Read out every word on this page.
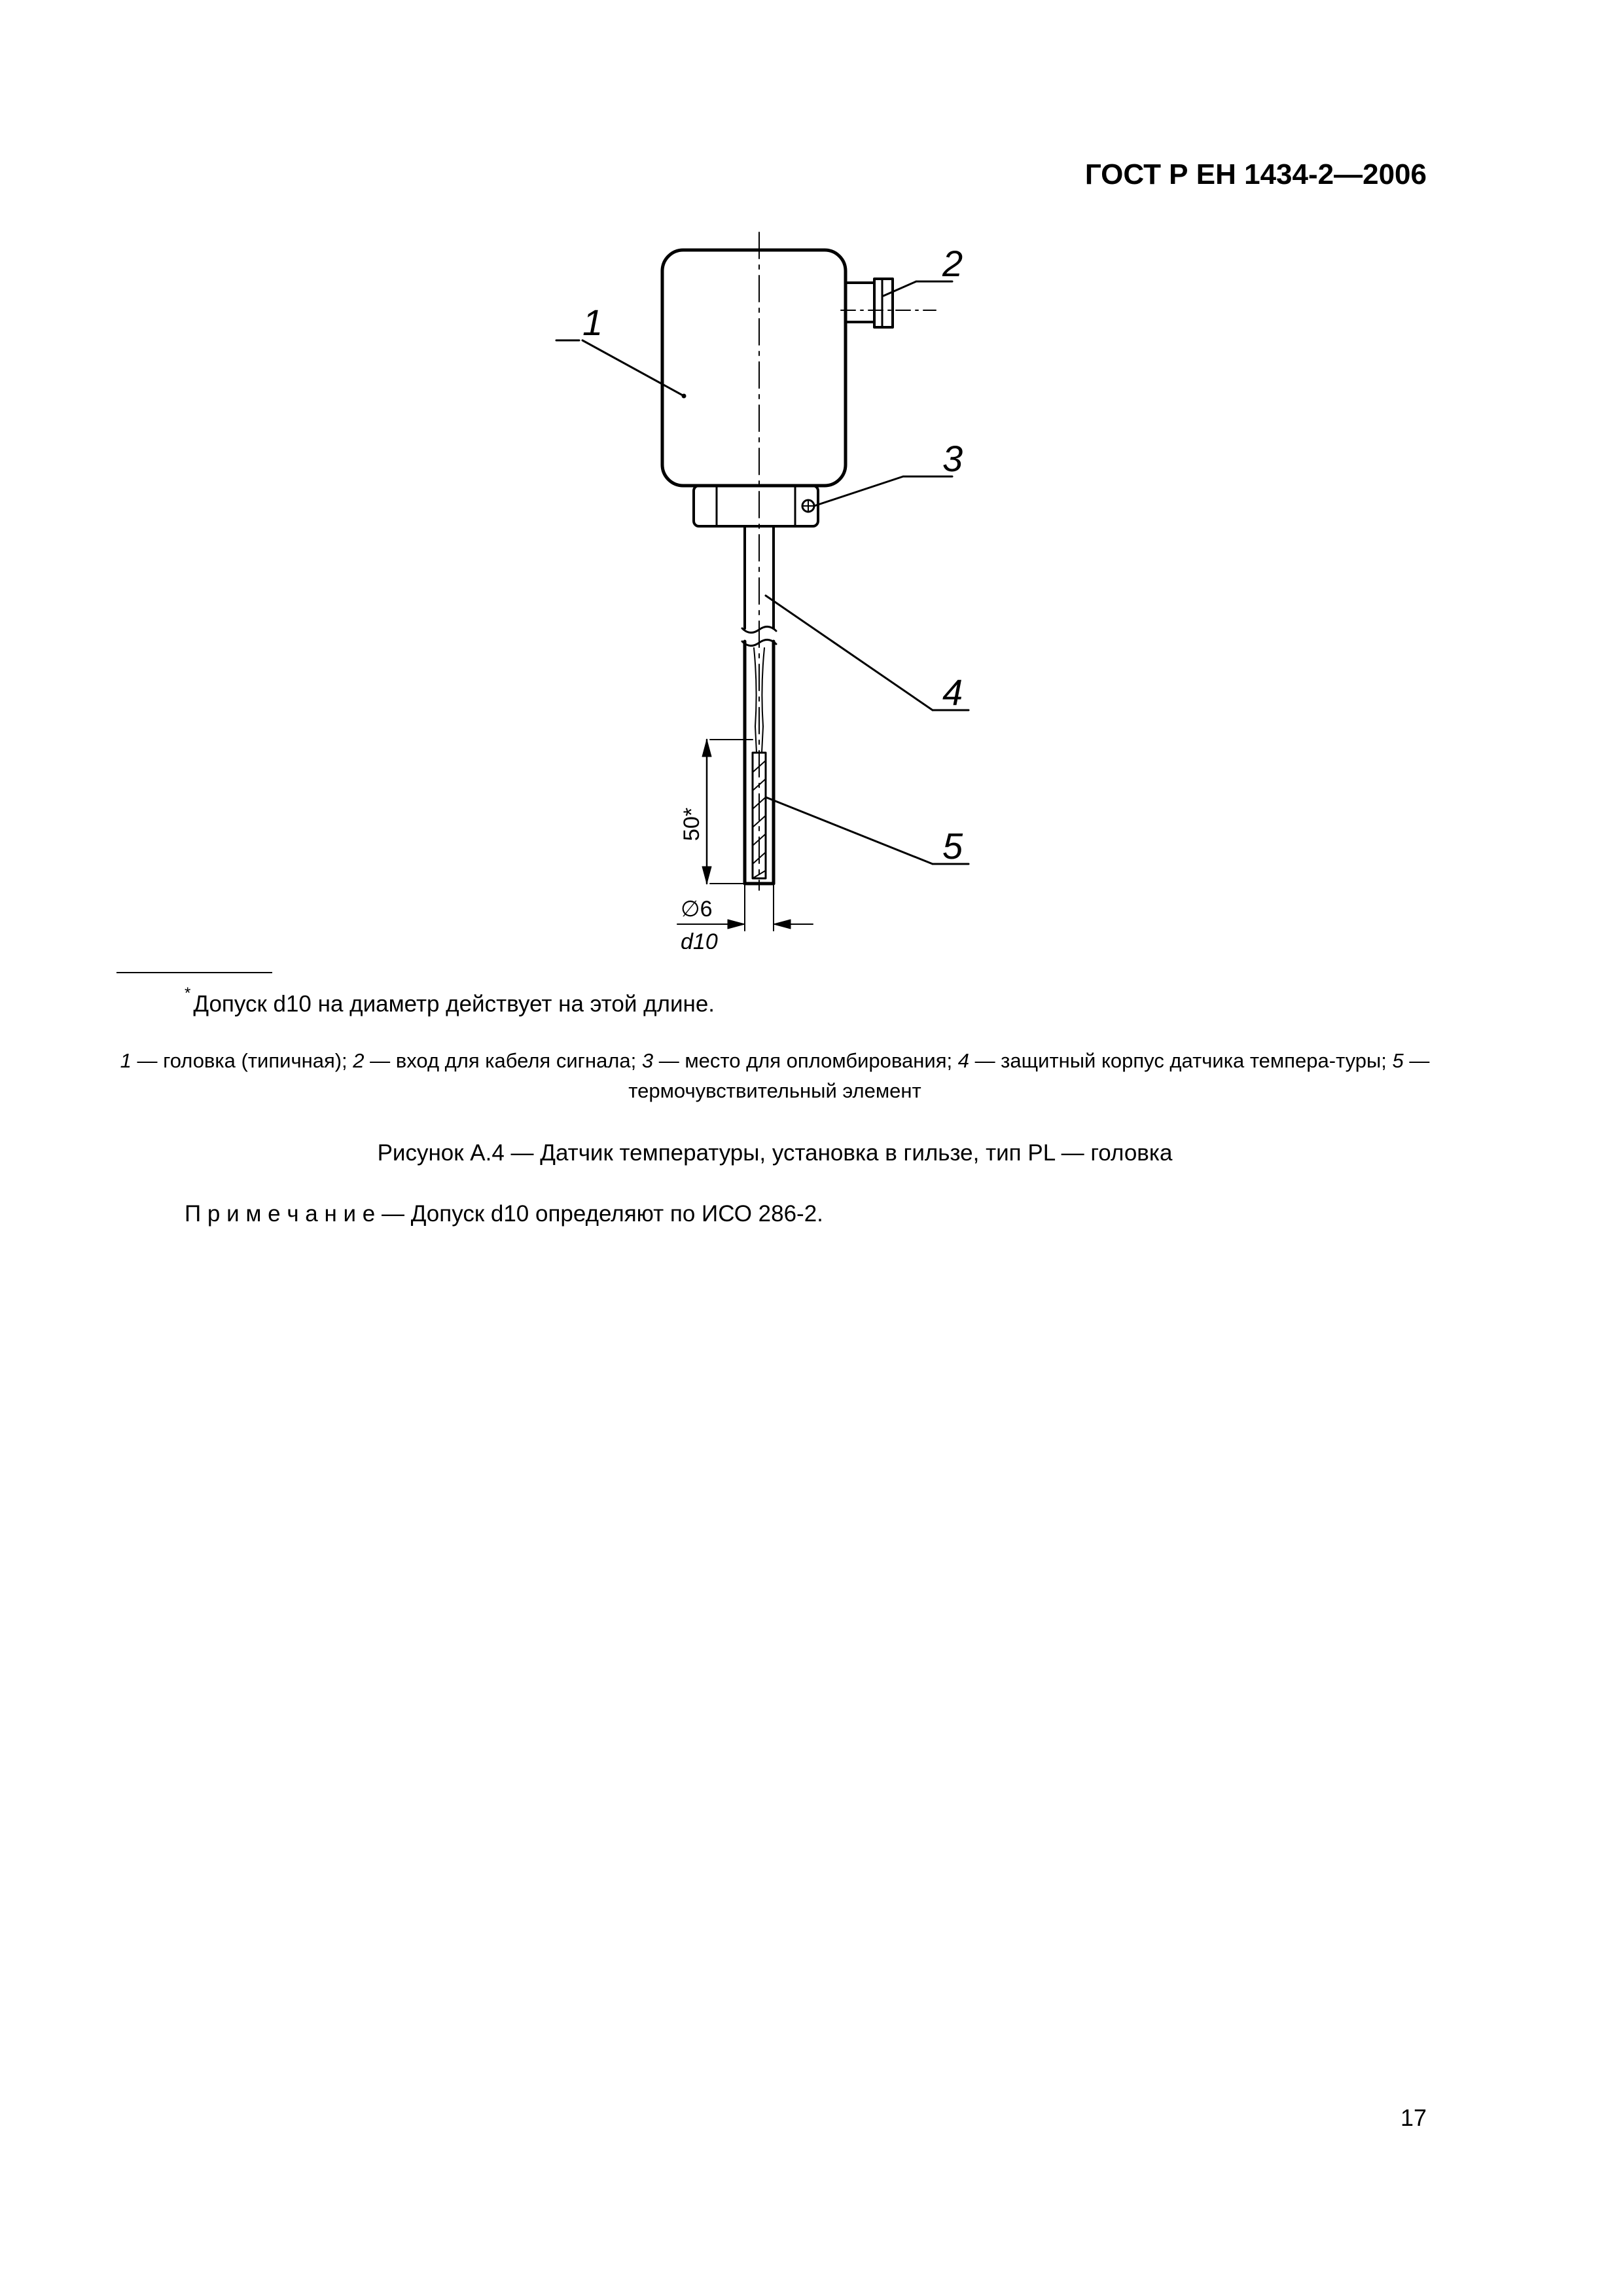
ГОСТ Р ЕН 1434-2—2006
1
2
3
4
5
50*
∅6
d10
* Допуск d10 на диаметр действует на этой длине.
1 — головка (типичная); 2 — вход для кабеля сигнала; 3 — место для опломбирования; 4 — защитный корпус датчика темпера-туры; 5 — термочувствительный элемент
Рисунок А.4 — Датчик температуры, установка в гильзе, тип PL — головка
П р и м е ч а н и е — Допуск d10 определяют по ИСО 286-2.
17
